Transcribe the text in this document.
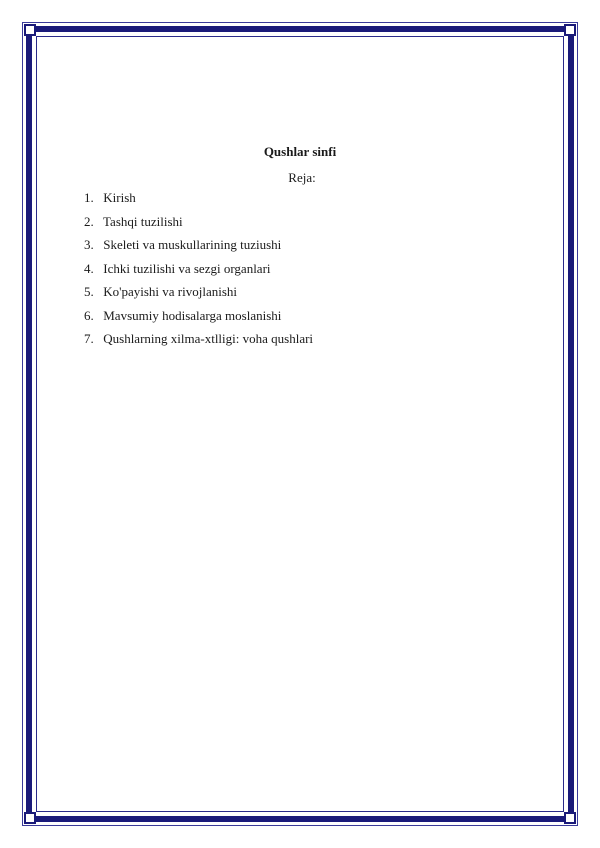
Qushlar sinfi
Reja:
1. Kirish
2. Tashqi tuzilishi
3. Skeleti va muskullarining tuziushi
4. Ichki tuzilishi va sezgi organlari
5. Ko'payishi va rivojlanishi
6. Mavsumiy hodisalarga moslanishi
7. Qushlarning xilma-xtlligi: voha qushlari
